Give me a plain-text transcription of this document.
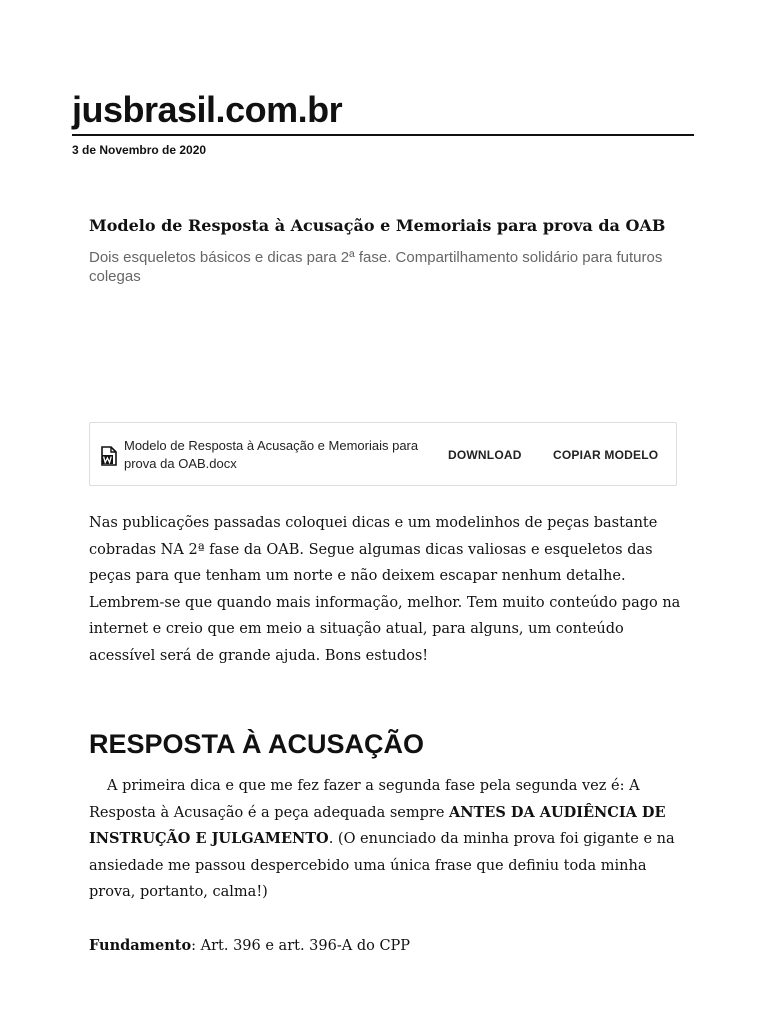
jusbrasil.com.br
3 de Novembro de 2020
Modelo de Resposta à Acusação e Memoriais para prova da OAB

Dois esqueletos básicos e dicas para 2ª fase. Compartilhamento solidário para futuros colegas

Modelo de Resposta à Acusação e Memoriais para prova da OAB.docx
DOWNLOAD	COPIAR MODELO

Nas publicações passadas coloquei dicas e um modelinhos de peças bastante cobradas NA 2ª fase da OAB. Segue algumas dicas valiosas e esqueletos das peças para que tenham um norte e não deixem escapar nenhum detalhe. Lembrem-se que quando mais informação, melhor. Tem muito conteúdo pago na internet e creio que em meio a situação atual, para alguns, um conteúdo acessível será de grande ajuda. Bons estudos!

RESPOSTA À ACUSAÇÃO

A primeira dica e que me fez fazer a segunda fase pela segunda vez é: A Resposta à Acusação é a peça adequada sempre ANTES DA AUDIÊNCIA DE INSTRUÇÃO E JULGAMENTO. (O enunciado da minha prova foi gigante e na ansiedade me passou despercebido uma única frase que definiu toda minha prova, portanto, calma!)

Fundamento: Art. 396 e art. 396-A do CPP
